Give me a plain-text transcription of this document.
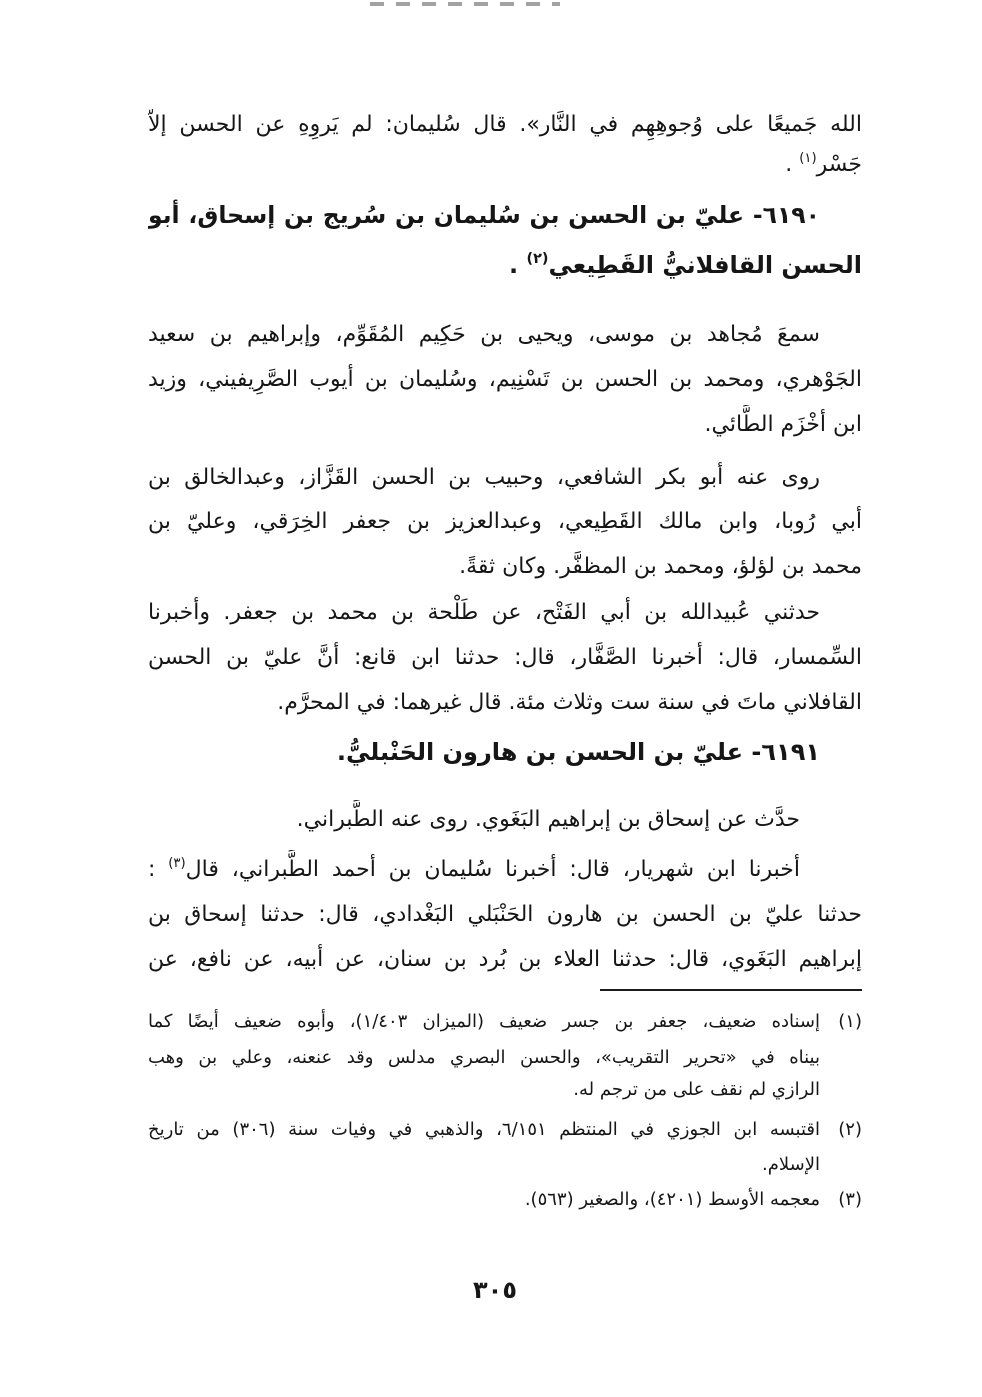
الله جَميعًا على وُجوهِهِم في النَّار». قال سُليمان: لم يَروِهِ عن الحسن إلاّ
جَسْر$^{(١)}$ .
٦١٩٠- عليّ بن الحسن بن سُليمان بن سُريج بن إسحاق، أبو
الحسن القافلانيُّ القَطِيعي$^{(٢)}$ .
سمعَ مُجاهد بن موسى، ويحيى بن حَكِيم المُقَوِّم، وإبراهيم بن سعيد
الجَوْهري، ومحمد بن الحسن بن تَسْنِيم، وسُليمان بن أيوب الصَّرِيفيني، وزيد
ابن أخْزَم الطَّائي.
روى عنه أبو بكر الشافعي، وحبيب بن الحسن القَزَّاز، وعبدالخالق بن
أبي رُوبا، وابن مالك القَطِيعي، وعبدالعزيز بن جعفر الخِرَقي، وعليّ بن
محمد بن لؤلؤ، ومحمد بن المظفَّر. وكان ثقةً.
حدثني عُبيدالله بن أبي الفَتْح، عن طَلْحة بن محمد بن جعفر. وأخبرنا
السِّمسار، قال: أخبرنا الصَّفَّار، قال: حدثنا ابن قانع: أنَّ عليّ بن الحسن
القافلاني ماتَ في سنة ست وثلاث مئة. قال غيرهما: في المحرَّم.
٦١٩١- عليّ بن الحسن بن هارون الحَنْبليُّ.
حدَّث عن إسحاق بن إبراهيم البَغَوي. روى عنه الطَّبراني.
أخبرنا ابن شهريار، قال: أخبرنا سُليمان بن أحمد الطَّبراني، قال$^{(٣)}$ :
حدثنا عليّ بن الحسن بن هارون الحَنْبَلي البَغْدادي، قال: حدثنا إسحاق بن
إبراهيم البَغَوي، قال: حدثنا العلاء بن بُرد بن سنان، عن أبيه، عن نافع، عن
(١)
إسناده ضعيف، جعفر بن جسر ضعيف (الميزان ١/٤٠٣)، وأبوه ضعيف أيضًا كما
بيناه في «تحرير التقريب»، والحسن البصري مدلس وقد عنعنه، وعلي بن وهب
الرازي لم نقف على من ترجم له.
(٢)
اقتبسه ابن الجوزي في المنتظم ٦/١٥١، والذهبي في وفيات سنة (٣٠٦) من تاريخ
الإسلام.
(٣)
معجمه الأوسط (٤٢٠١)، والصغير (٥٦٣).
٣٠٥
